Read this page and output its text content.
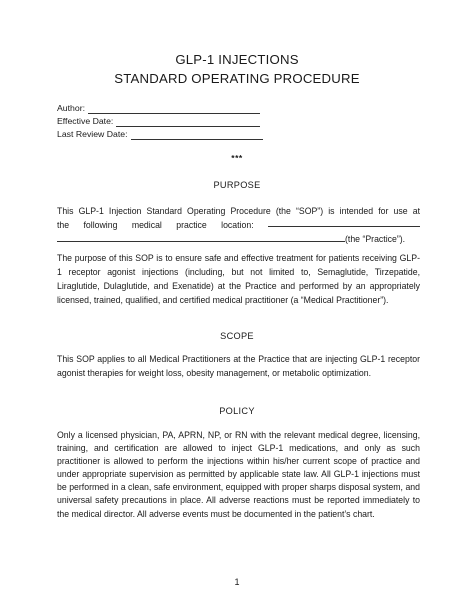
GLP-1 INJECTIONS
STANDARD OPERATING PROCEDURE
Author:
Effective Date:
Last Review Date:
***
PURPOSE
This GLP-1 Injection Standard Operating Procedure (the “SOP”) is intended for use at
the following medical practice location:
(the “Practice”).

The purpose of this SOP is to ensure safe and effective treatment for patients receiving GLP-1 receptor agonist injections (including, but not limited to, Semaglutide, Tirzepatide, Liraglutide, Dulaglutide, and Exenatide) at the Practice and performed by an appropriately licensed, trained, qualified, and certified medical practitioner (a “Medical Practitioner”).

SCOPE

This SOP applies to all Medical Practitioners at the Practice that are injecting GLP-1 receptor agonist therapies for weight loss, obesity management, or metabolic optimization.

POLICY

Only a licensed physician, PA, APRN, NP, or RN with the relevant medical degree, licensing, training, and certification are allowed to inject GLP-1 medications, and only as such practitioner is allowed to perform the injections within his/her current scope of practice and under appropriate supervision as permitted by applicable state law. All GLP-1 injections must be performed in a clean, safe environment, equipped with proper sharps disposal system, and universal safety precautions in place. All adverse reactions must be reported immediately to the medical director. All adverse events must be documented in the patient’s chart.

1
